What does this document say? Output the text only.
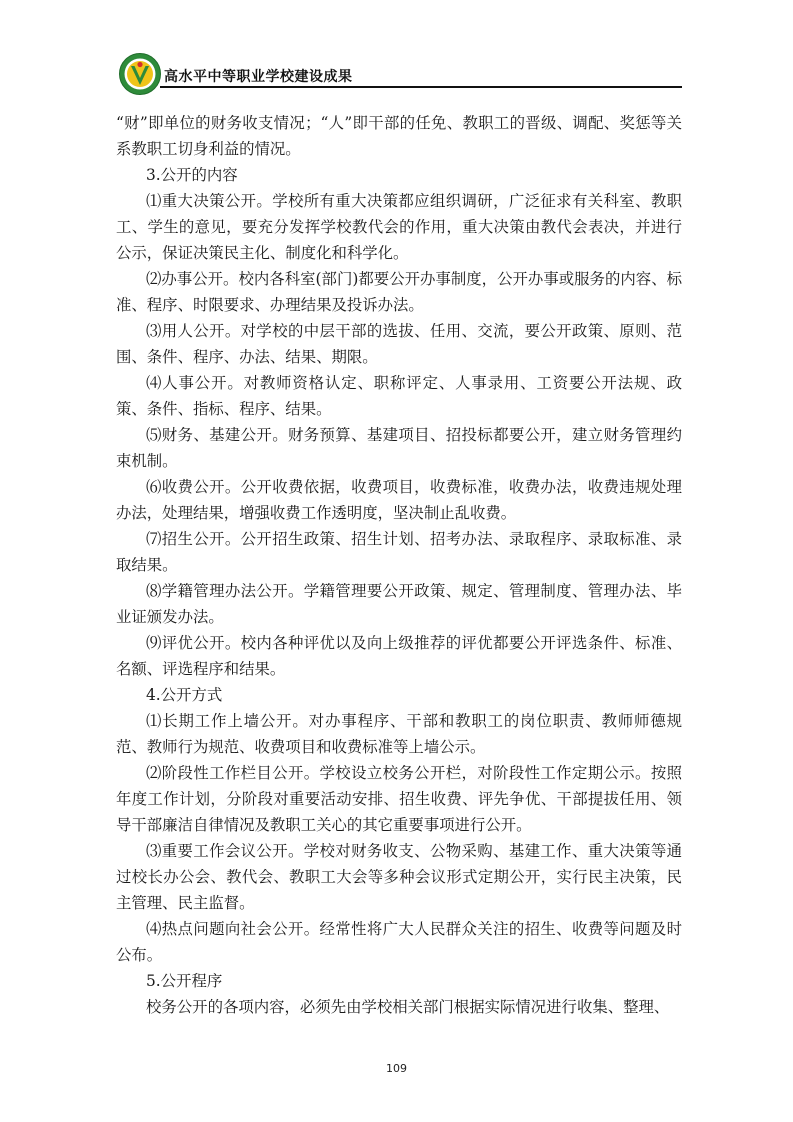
高水平中等职业学校建设成果

“财”即单位的财务收支情况；“人”即干部的任免、教职工的晋级、调配、奖惩等关系教职工切身利益的情况。

3.公开的内容

⑴重大决策公开。学校所有重大决策都应组织调研，广泛征求有关科室、教职工、学生的意见，要充分发挥学校教代会的作用，重大决策由教代会表决，并进行公示，保证决策民主化、制度化和科学化。

⑵办事公开。校内各科室(部门)都要公开办事制度，公开办事或服务的内容、标准、程序、时限要求、办理结果及投诉办法。

⑶用人公开。对学校的中层干部的选拔、任用、交流，要公开政策、原则、范围、条件、程序、办法、结果、期限。

⑷人事公开。对教师资格认定、职称评定、人事录用、工资要公开法规、政策、条件、指标、程序、结果。

⑸财务、基建公开。财务预算、基建项目、招投标都要公开，建立财务管理约束机制。

⑹收费公开。公开收费依据，收费项目，收费标准，收费办法，收费违规处理办法，处理结果，增强收费工作透明度，坚决制止乱收费。

⑺招生公开。公开招生政策、招生计划、招考办法、录取程序、录取标准、录取结果。

⑻学籍管理办法公开。学籍管理要公开政策、规定、管理制度、管理办法、毕业证颁发办法。

⑼评优公开。校内各种评优以及向上级推荐的评优都要公开评选条件、标准、名额、评选程序和结果。

4.公开方式

⑴长期工作上墙公开。对办事程序、干部和教职工的岗位职责、教师师德规范、教师行为规范、收费项目和收费标准等上墙公示。

⑵阶段性工作栏目公开。学校设立校务公开栏，对阶段性工作定期公示。按照年度工作计划，分阶段对重要活动安排、招生收费、评先争优、干部提拔任用、领导干部廉洁自律情况及教职工关心的其它重要事项进行公开。

⑶重要工作会议公开。学校对财务收支、公物采购、基建工作、重大决策等通过校长办公会、教代会、教职工大会等多种会议形式定期公开，实行民主决策，民主管理、民主监督。

⑷热点问题向社会公开。经常性将广大人民群众关注的招生、收费等问题及时公布。

5.公开程序

校务公开的各项内容，必须先由学校相关部门根据实际情况进行收集、整理、

109
